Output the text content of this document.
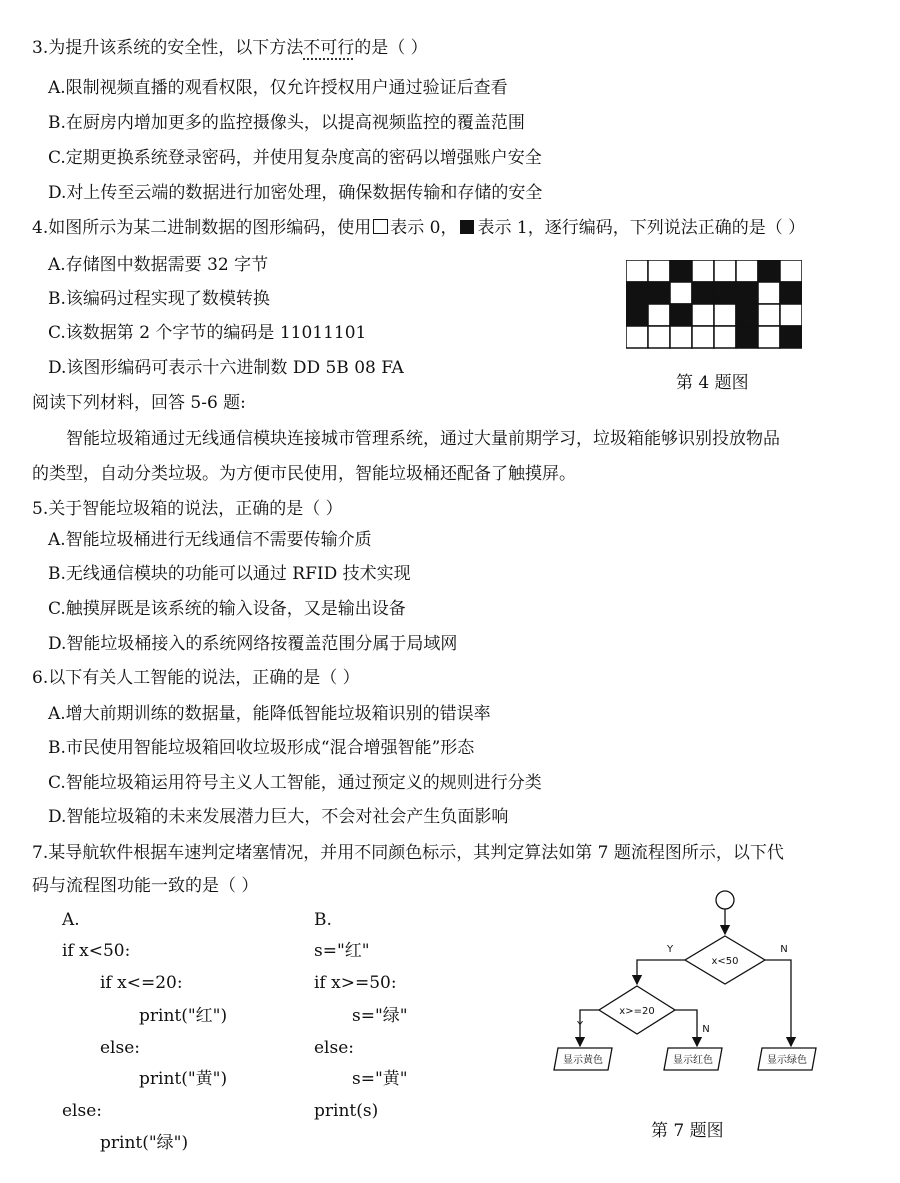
3.为提升该系统的安全性，以下方法不可行的是（ ）
A.限制视频直播的观看权限，仅允许授权用户通过验证后查看
B.在厨房内增加更多的监控摄像头，以提高视频监控的覆盖范围
C.定期更换系统登录密码，并使用复杂度高的密码以增强账户安全
D.对上传至云端的数据进行加密处理，确保数据传输和存储的安全
4.如图所示为某二进制数据的图形编码，使用 表示 0， 表示 1，逐行编码，下列说法正确的是（ ）
A.存储图中数据需要 32 字节
B.该编码过程实现了数模转换
C.该数据第 2 个字节的编码是 11011101
D.该图形编码可表示十六进制数 DD 5B 08 FA
第 4 题图
阅读下列材料，回答 5-6 题:
智能垃圾箱通过无线通信模块连接城市管理系统，通过大量前期学习，垃圾箱能够识别投放物品
的类型，自动分类垃圾。为方便市民使用，智能垃圾桶还配备了触摸屏。
5.关于智能垃圾箱的说法，正确的是（ ）
A.智能垃圾桶进行无线通信不需要传输介质
B.无线通信模块的功能可以通过 RFID 技术实现
C.触摸屏既是该系统的输入设备，又是输出设备
D.智能垃圾桶接入的系统网络按覆盖范围分属于局域网
6.以下有关人工智能的说法，正确的是（ ）
A.增大前期训练的数据量，能降低智能垃圾箱识别的错误率
B.市民使用智能垃圾箱回收垃圾形成“混合增强智能”形态
C.智能垃圾箱运用符号主义人工智能，通过预定义的规则进行分类
D.智能垃圾箱的未来发展潜力巨大，不会对社会产生负面影响
7.某导航软件根据车速判定堵塞情况，并用不同颜色标示，其判定算法如第 7 题流程图所示，以下代
码与流程图功能一致的是（ ）
A.
if x<50:
if x<=20:
print("红")
else:
print("黄")
else:
print("绿")
B.
s="红"
if x>=50:
s="绿"
else:
s="黄"
print(s)
x<50
x>=20
Y	N
Y	N
显示黄色	显示红色	显示绿色
第 7 题图
